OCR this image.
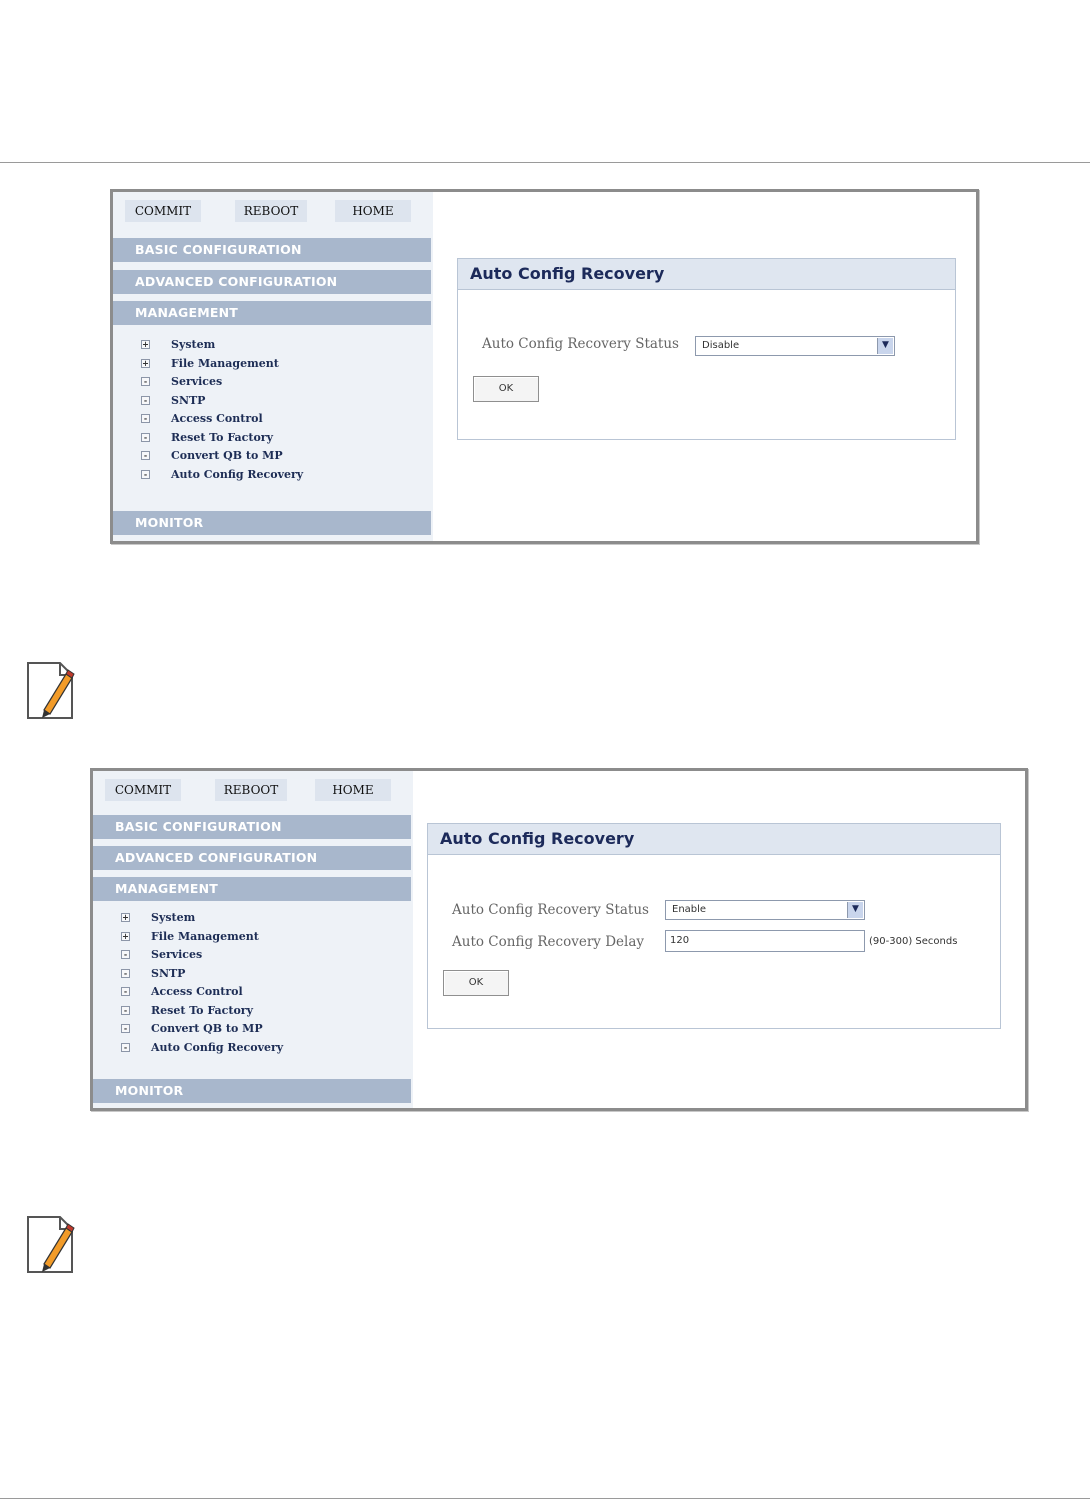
COMMIT	REBOOT	HOME
BASIC CONFIGURATION
ADVANCED CONFIGURATION
MANAGEMENT
+ System
+ File Management
- Services
- SNTP
- Access Control
- Reset To Factory
- Convert QB to MP
- Auto Config Recovery
MONITOR
Auto Config Recovery
Auto Config Recovery Status	Disable	▼
OK
COMMIT	REBOOT	HOME
BASIC CONFIGURATION
ADVANCED CONFIGURATION
MANAGEMENT
+ System
+ File Management
- Services
- SNTP
- Access Control
- Reset To Factory
- Convert QB to MP
- Auto Config Recovery
MONITOR
Auto Config Recovery
Auto Config Recovery Status	Enable	▼
Auto Config Recovery Delay	120	(90-300) Seconds
OK
